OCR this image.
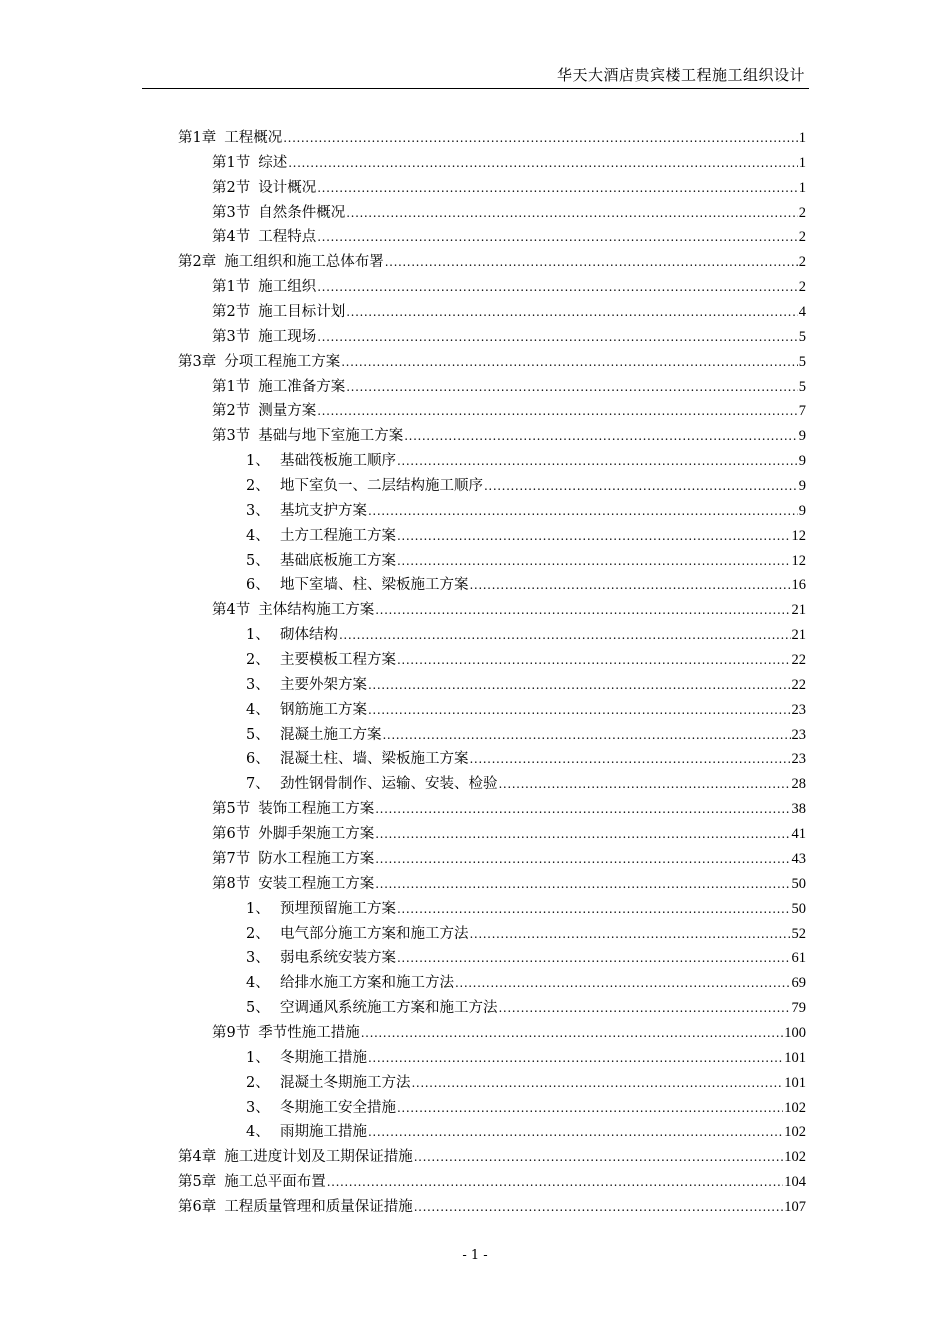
华天大酒店贵宾楼工程施工组织设计
第1章 工程概况 .....	1
第1节 综述 .....	1
第2节 设计概况 .....	1
第3节 自然条件概况 .....	2
第4节 工程特点 .....	2
第2章 施工组织和施工总体布署 .....	2
第1节 施工组织 .....	2
第2节 施工目标计划 .....	4
第3节 施工现场 .....	5
第3章 分项工程施工方案 .....	5
第1节 施工准备方案 .....	5
第2节 测量方案 .....	7
第3节 基础与地下室施工方案 .....	9
1、 基础筏板施工顺序 .....	9
2、 地下室负一、二层结构施工顺序 .....	9
3、 基坑支护方案 .....	9
4、 土方工程施工方案 .....	12
5、 基础底板施工方案 .....	12
6、 地下室墙、柱、梁板施工方案 .....	16
第4节 主体结构施工方案 .....	21
1、 砌体结构 .....	21
2、 主要模板工程方案 .....	22
3、 主要外架方案 .....	22
4、 钢筋施工方案 .....	23
5、 混凝土施工方案 .....	23
6、 混凝土柱、墙、梁板施工方案 .....	23
7、 劲性钢骨制作、运输、安装、检验 .....	28
第5节 装饰工程施工方案 .....	38
第6节 外脚手架施工方案 .....	41
第7节 防水工程施工方案 .....	43
第8节 安装工程施工方案 .....	50
1、 预埋预留施工方案 .....	50
2、 电气部分施工方案和施工方法 .....	52
3、 弱电系统安装方案 .....	61
4、 给排水施工方案和施工方法 .....	69
5、 空调通风系统施工方案和施工方法 .....	79
第9节 季节性施工措施 .....	100
1、 冬期施工措施 .....	101
2、 混凝土冬期施工方法 .....	101
3、 冬期施工安全措施 .....	102
4、 雨期施工措施 .....	102
第4章 施工进度计划及工期保证措施 .....	102
第5章 施工总平面布置 .....	104
第6章 工程质量管理和质量保证措施 .....	107
- 1 -
